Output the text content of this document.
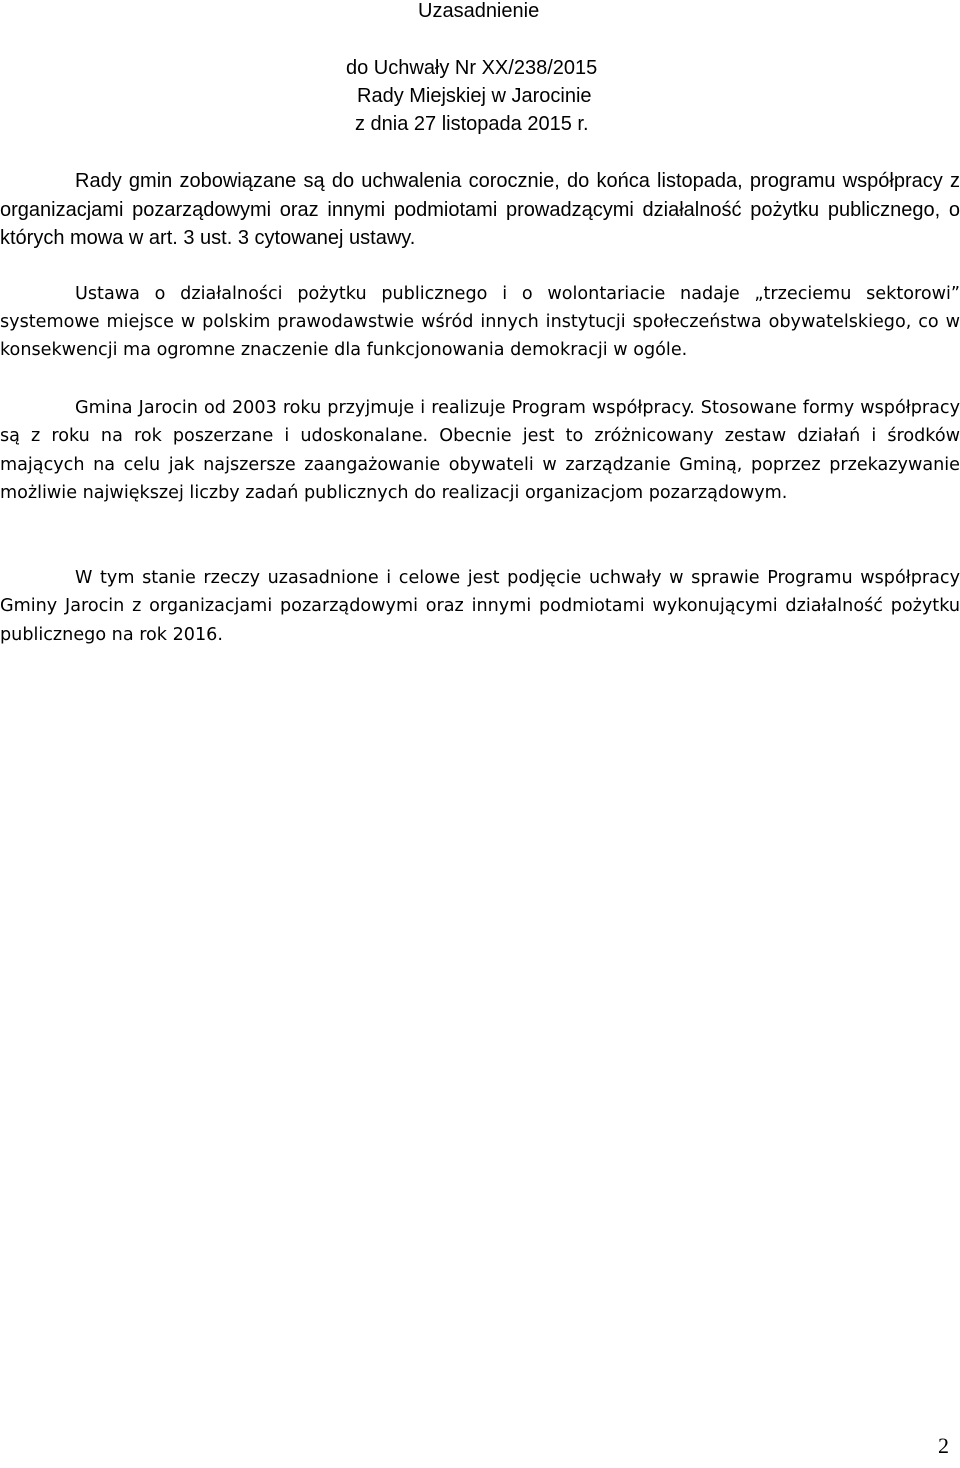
Uzasadnienie
do Uchwały Nr XX/238/2015
Rady Miejskiej w Jarocinie
z dnia 27 listopada 2015 r.

Rady gmin zobowiązane są do uchwalenia corocznie, do końca listopada, programu współpracy z organizacjami pozarządowymi oraz innymi podmiotami prowadzącymi działalność pożytku publicznego, o których mowa w art. 3 ust. 3 cytowanej ustawy.

Ustawa o działalności pożytku publicznego i o wolontariacie nadaje „trzeciemu sektorowi” systemowe miejsce w polskim prawodawstwie wśród innych instytucji społeczeństwa obywatelskiego, co w konsekwencji ma ogromne znaczenie dla funkcjonowania demokracji w ogóle.

Gmina Jarocin od 2003 roku przyjmuje i realizuje Program współpracy. Stosowane formy współpracy są z roku na rok poszerzane i udoskonalane. Obecnie jest to zróżnicowany zestaw działań i środków mających na celu jak najszersze zaangażowanie obywateli w zarządzanie Gminą, poprzez przekazywanie możliwie największej liczby zadań publicznych do realizacji organizacjom pozarządowym.

W tym stanie rzeczy uzasadnione i celowe jest podjęcie uchwały w sprawie Programu współpracy Gminy Jarocin z organizacjami pozarządowymi oraz innymi podmiotami wykonującymi działalność pożytku publicznego na rok 2016.

2
